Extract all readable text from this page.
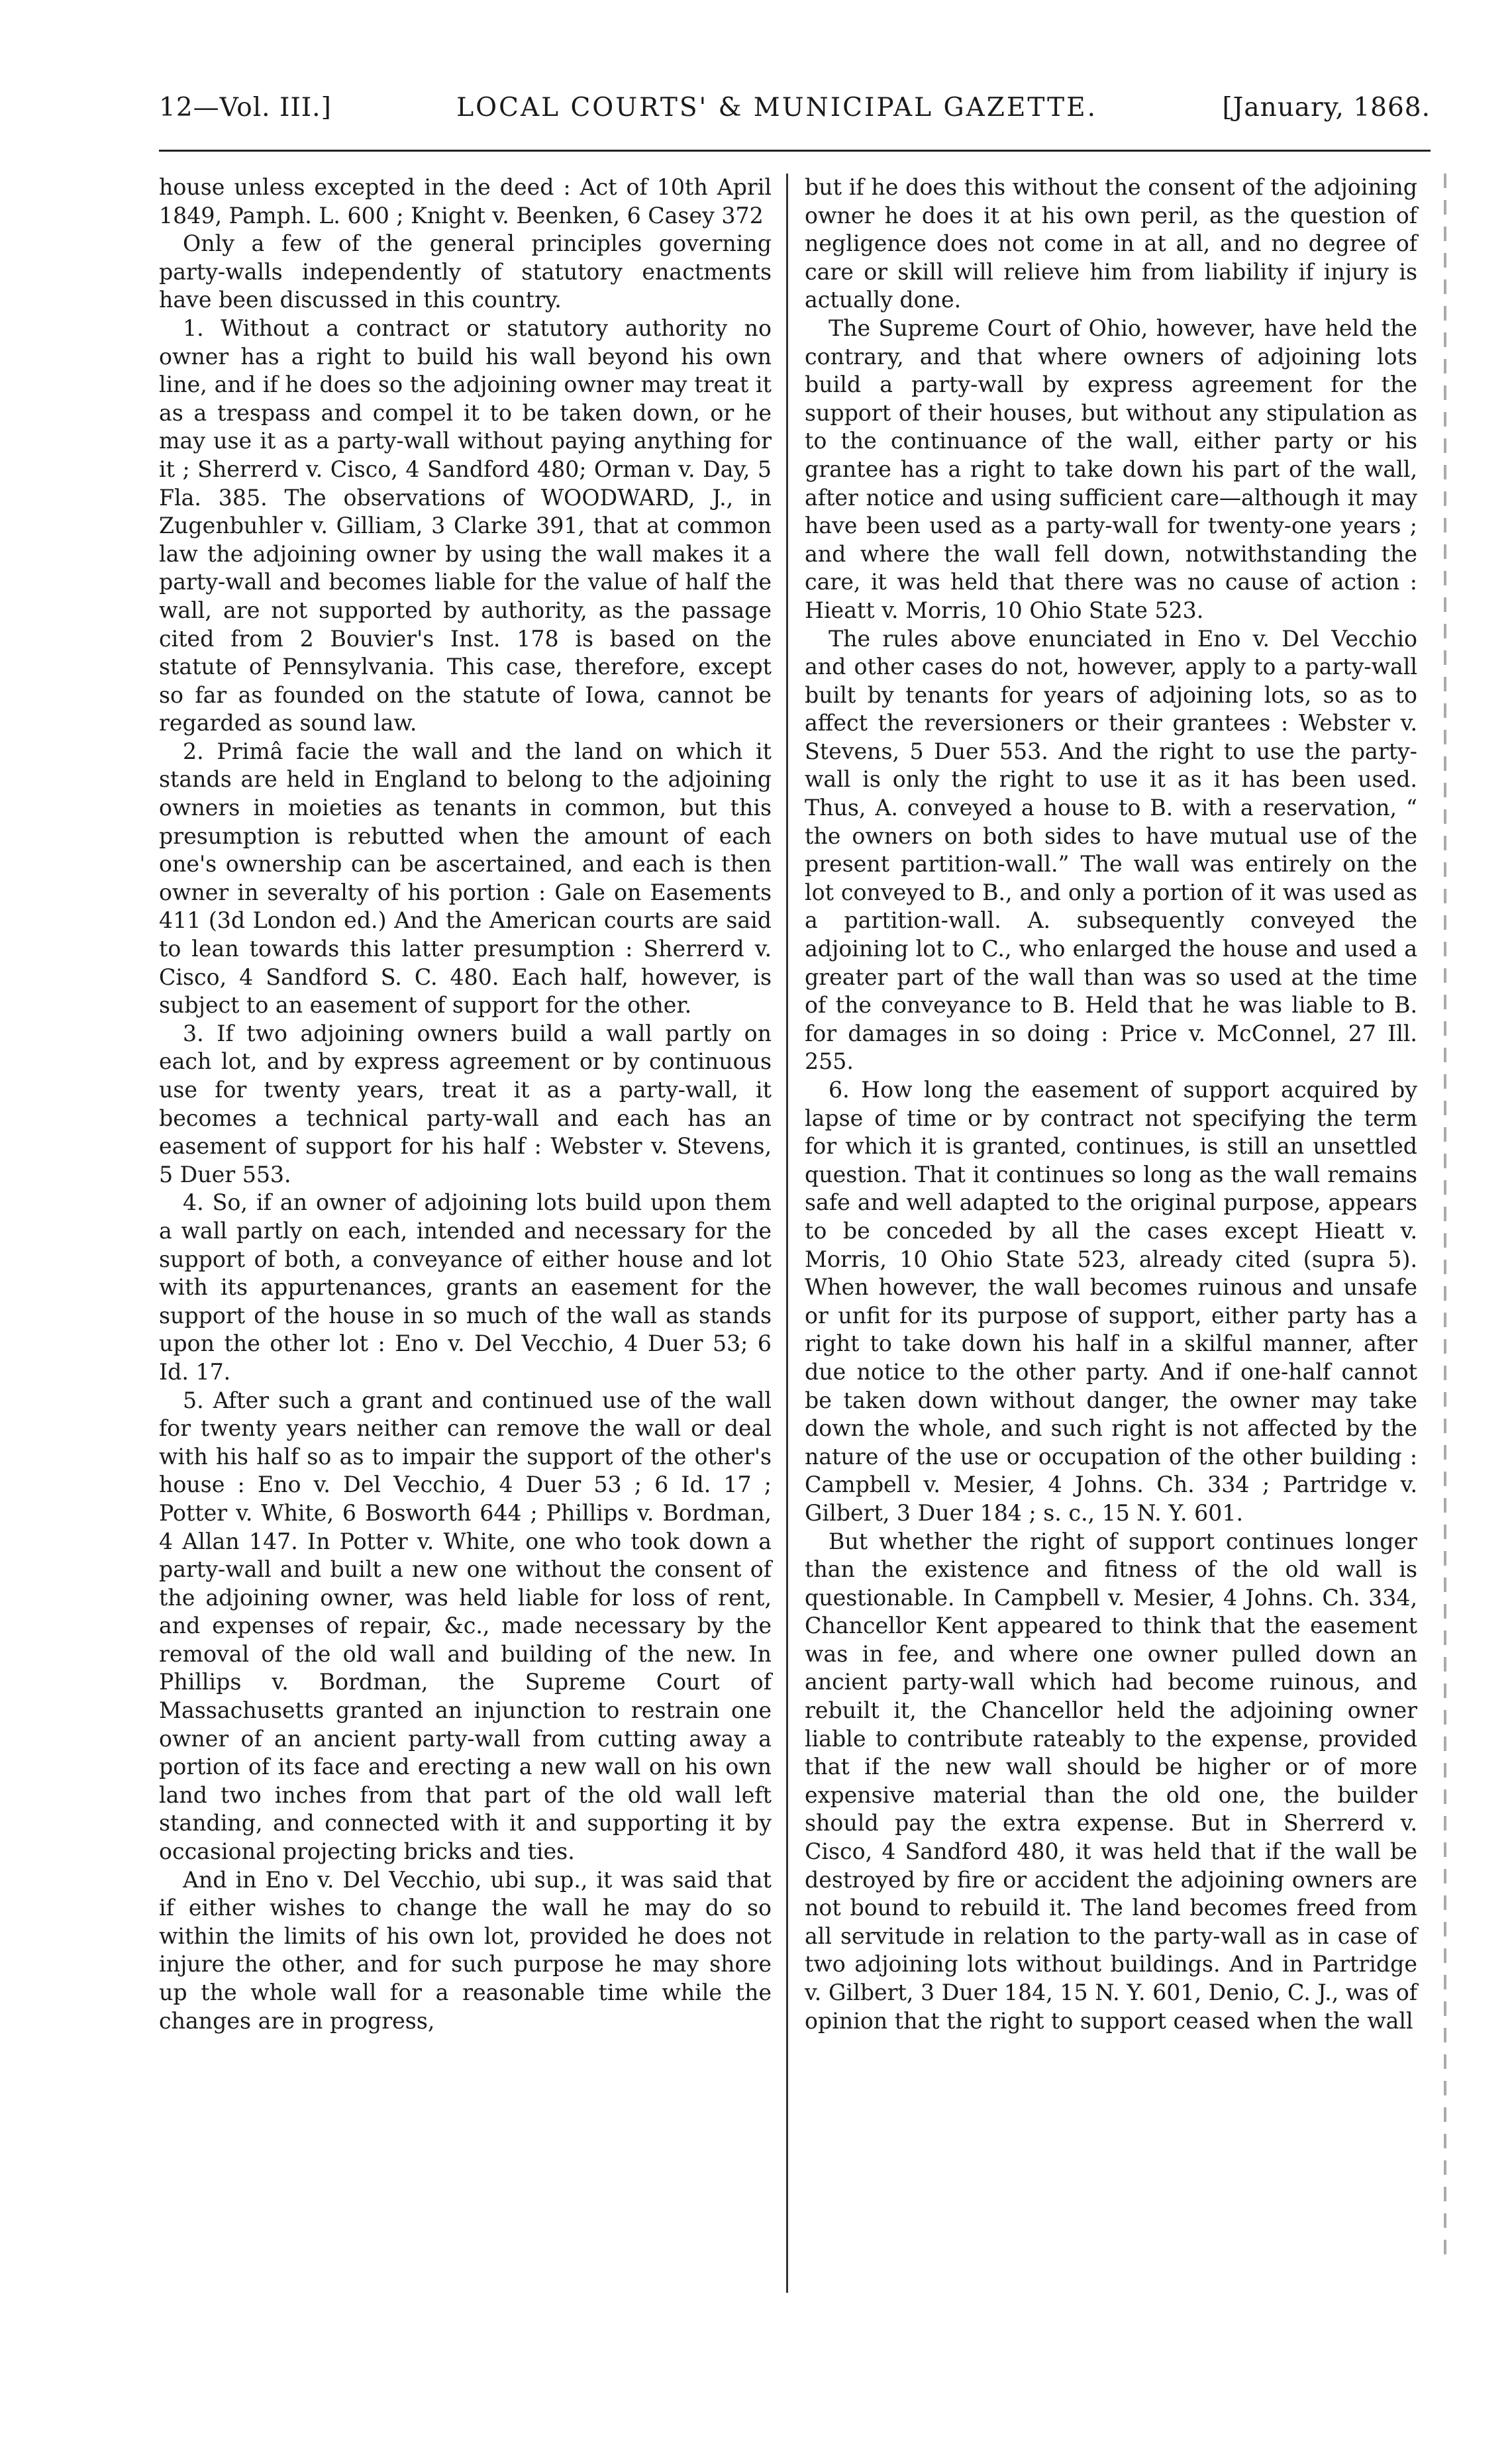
12—Vol. III.]	LOCAL COURTS' & MUNICIPAL GAZETTE.	[January, 1868.

house unless excepted in the deed : Act of 10th April 1849, Pamph. L. 600 ; Knight v. Beenken, 6 Casey 372

Only a few of the general principles governing party-walls independently of statutory enactments have been discussed in this country.

1. Without a contract or statutory authority no owner has a right to build his wall beyond his own line, and if he does so the adjoining owner may treat it as a trespass and compel it to be taken down, or he may use it as a party-wall without paying anything for it ; Sherrerd v. Cisco, 4 Sandford 480; Orman v. Day, 5 Fla. 385. The observations of WOODWARD, J., in Zugenbuhler v. Gilliam, 3 Clarke 391, that at common law the adjoining owner by using the wall makes it a party-wall and becomes liable for the value of half the wall, are not supported by authority, as the passage cited from 2 Bouvier's Inst. 178 is based on the statute of Pennsylvania. This case, therefore, except so far as founded on the statute of Iowa, cannot be regarded as sound law.

2. Primâ facie the wall and the land on which it stands are held in England to belong to the adjoining owners in moieties as tenants in common, but this presumption is rebutted when the amount of each one's ownership can be ascertained, and each is then owner in severalty of his portion : Gale on Easements 411 (3d London ed.) And the American courts are said to lean towards this latter presumption : Sherrerd v. Cisco, 4 Sandford S. C. 480. Each half, however, is subject to an easement of support for the other.

3. If two adjoining owners build a wall partly on each lot, and by express agreement or by continuous use for twenty years, treat it as a party-wall, it becomes a technical party-wall and each has an easement of support for his half : Webster v. Stevens, 5 Duer 553.

4. So, if an owner of adjoining lots build upon them a wall partly on each, intended and necessary for the support of both, a conveyance of either house and lot with its appurtenances, grants an easement for the support of the house in so much of the wall as stands upon the other lot : Eno v. Del Vecchio, 4 Duer 53; 6 Id. 17.

5. After such a grant and continued use of the wall for twenty years neither can remove the wall or deal with his half so as to impair the support of the other's house : Eno v. Del Vecchio, 4 Duer 53 ; 6 Id. 17 ; Potter v. White, 6 Bosworth 644 ; Phillips v. Bordman, 4 Allan 147. In Potter v. White, one who took down a party-wall and built a new one without the consent of the adjoining owner, was held liable for loss of rent, and expenses of repair, &c., made necessary by the removal of the old wall and building of the new. In Phillips v. Bordman, the Supreme Court of Massachusetts granted an injunction to restrain one owner of an ancient party-wall from cutting away a portion of its face and erecting a new wall on his own land two inches from that part of the old wall left standing, and connected with it and supporting it by occasional projecting bricks and ties.

And in Eno v. Del Vecchio, ubi sup., it was said that if either wishes to change the wall he may do so within the limits of his own lot, provided he does not injure the other, and for such purpose he may shore up the whole wall for a reasonable time while the changes are in progress,

but if he does this without the consent of the adjoining owner he does it at his own peril, as the question of negligence does not come in at all, and no degree of care or skill will relieve him from liability if injury is actually done.

The Supreme Court of Ohio, however, have held the contrary, and that where owners of adjoining lots build a party-wall by express agreement for the support of their houses, but without any stipulation as to the continuance of the wall, either party or his grantee has a right to take down his part of the wall, after notice and using sufficient care—although it may have been used as a party-wall for twenty-one years ; and where the wall fell down, notwithstanding the care, it was held that there was no cause of action : Hieatt v. Morris, 10 Ohio State 523.

The rules above enunciated in Eno v. Del Vecchio and other cases do not, however, apply to a party-wall built by tenants for years of adjoining lots, so as to affect the reversioners or their grantees : Webster v. Stevens, 5 Duer 553. And the right to use the party-wall is only the right to use it as it has been used. Thus, A. conveyed a house to B. with a reservation, “ the owners on both sides to have mutual use of the present partition-wall.” The wall was entirely on the lot conveyed to B., and only a portion of it was used as a partition-wall. A. subsequently conveyed the adjoining lot to C., who enlarged the house and used a greater part of the wall than was so used at the time of the conveyance to B. Held that he was liable to B. for damages in so doing : Price v. McConnel, 27 Ill. 255.

6. How long the easement of support acquired by lapse of time or by contract not specifying the term for which it is granted, continues, is still an unsettled question. That it continues so long as the wall remains safe and well adapted to the original purpose, appears to be conceded by all the cases except Hieatt v. Morris, 10 Ohio State 523, already cited (supra 5). When however, the wall becomes ruinous and unsafe or unfit for its purpose of support, either party has a right to take down his half in a skilful manner, after due notice to the other party. And if one-half cannot be taken down without danger, the owner may take down the whole, and such right is not affected by the nature of the use or occupation of the other building : Campbell v. Mesier, 4 Johns. Ch. 334 ; Partridge v. Gilbert, 3 Duer 184 ; s. c., 15 N. Y. 601.

But whether the right of support continues longer than the existence and fitness of the old wall is questionable. In Campbell v. Mesier, 4 Johns. Ch. 334, Chancellor Kent appeared to think that the easement was in fee, and where one owner pulled down an ancient party-wall which had become ruinous, and rebuilt it, the Chancellor held the adjoining owner liable to contribute rateably to the expense, provided that if the new wall should be higher or of more expensive material than the old one, the builder should pay the extra expense. But in Sherrerd v. Cisco, 4 Sandford 480, it was held that if the wall be destroyed by fire or accident the adjoining owners are not bound to rebuild it. The land becomes freed from all servitude in relation to the party-wall as in case of two adjoining lots without buildings. And in Partridge v. Gilbert, 3 Duer 184, 15 N. Y. 601, Denio, C. J., was of opinion that the right to support ceased when the wall
